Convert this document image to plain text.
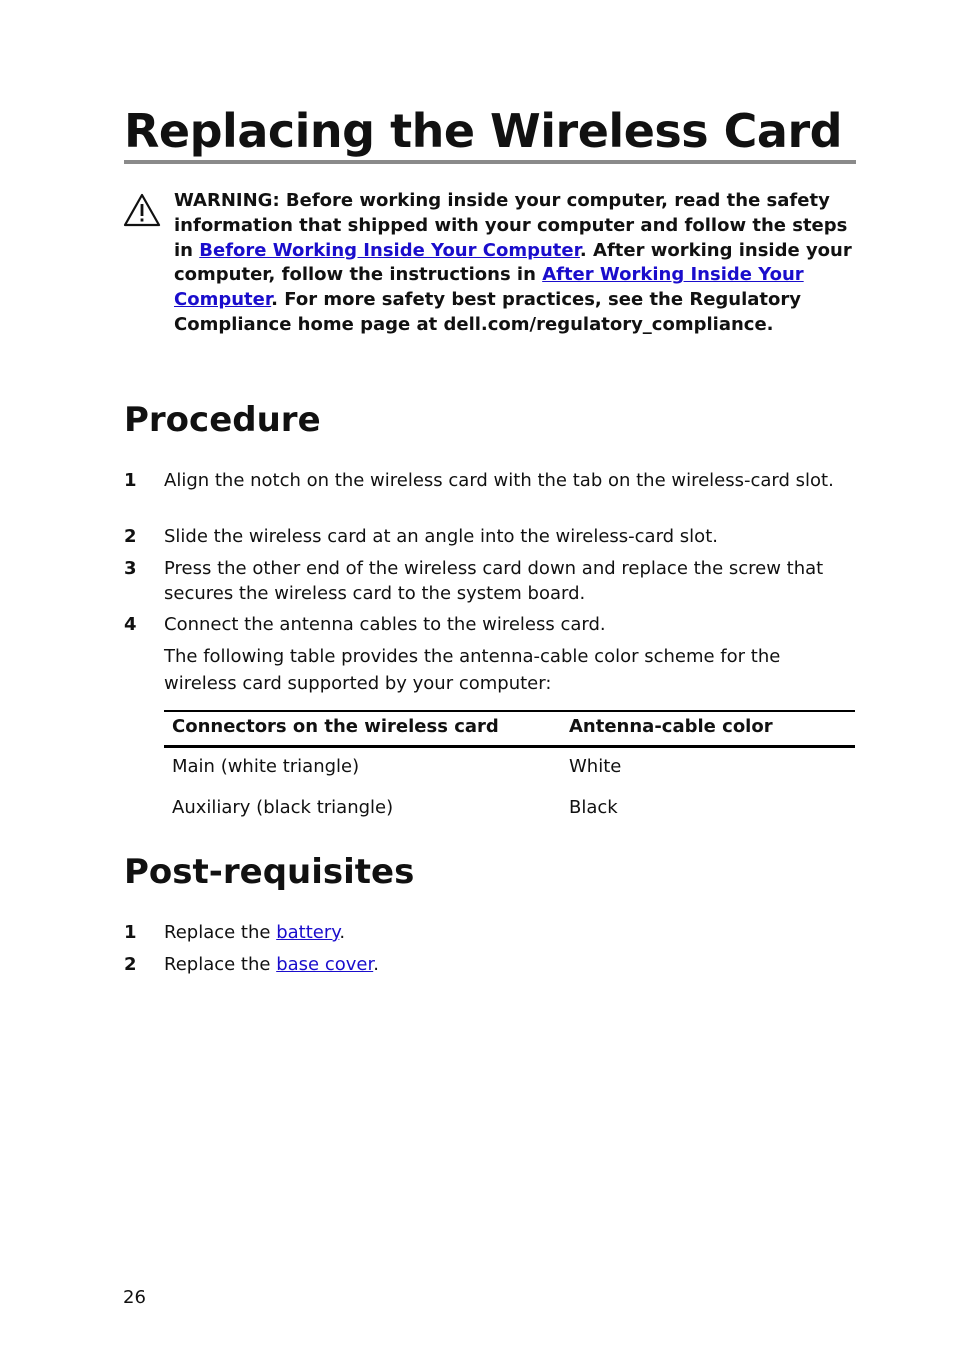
Replacing the Wireless Card
WARNING: Before working inside your computer, read the safety information that shipped with your computer and follow the steps in Before Working Inside Your Computer. After working inside your computer, follow the instructions in After Working Inside Your Computer. For more safety best practices, see the Regulatory Compliance home page at dell.com/regulatory_compliance.
Procedure
1 Align the notch on the wireless card with the tab on the wireless-card slot.
2 Slide the wireless card at an angle into the wireless-card slot.
3 Press the other end of the wireless card down and replace the screw that secures the wireless card to the system board.
4 Connect the antenna cables to the wireless card.
The following table provides the antenna-cable color scheme for the wireless card supported by your computer:
Connectors on the wireless card	Antenna-cable color
Main (white triangle)	White
Auxiliary (black triangle)	Black
Post-requisites
1 Replace the battery.
2 Replace the base cover.
26
